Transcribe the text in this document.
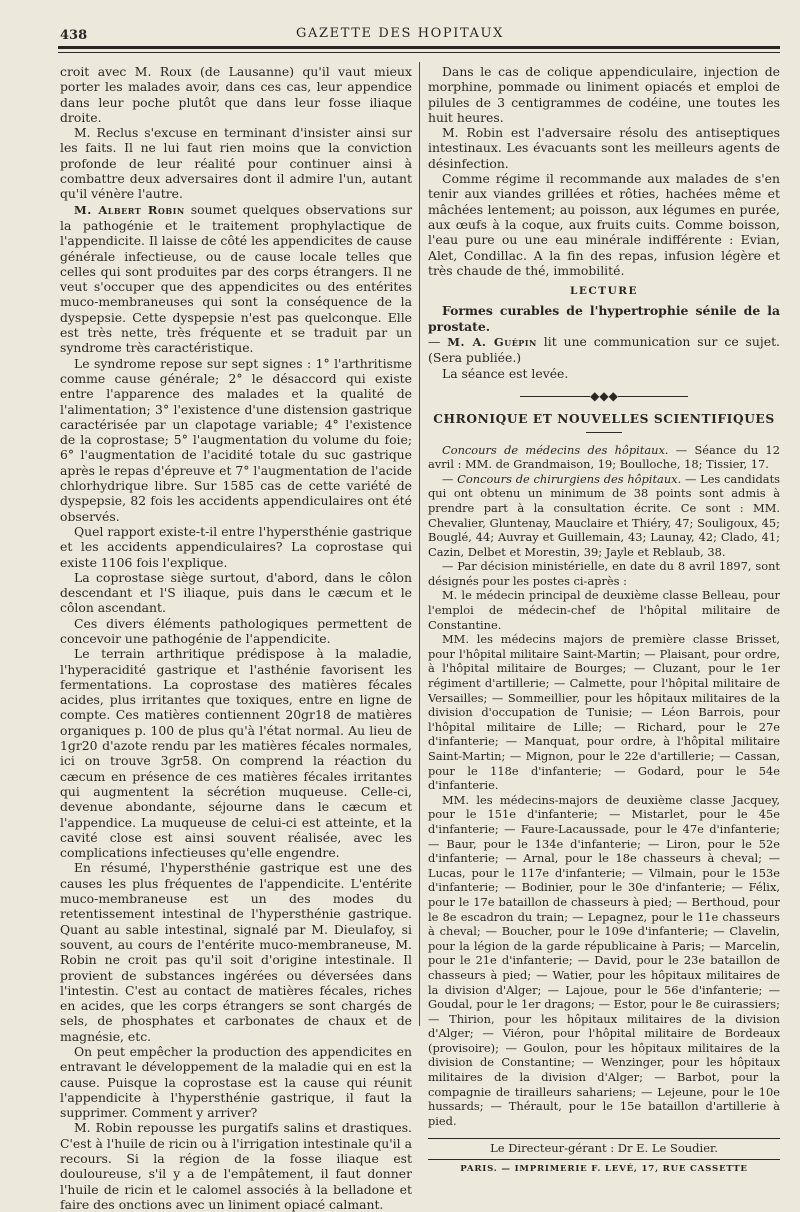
438	GAZETTE DES HOPITAUX

croit avec M. Roux (de Lausanne) qu'il vaut mieux porter les malades avoir, dans ces cas, leur appendice dans leur poche plutôt que dans leur fosse iliaque droite.

M. Reclus s'excuse en terminant d'insister ainsi sur les faits. Il ne lui faut rien moins que la conviction profonde de leur réalité pour continuer ainsi à combattre deux adversaires dont il admire l'un, autant qu'il vénère l'autre.

M. Albert Robin soumet quelques observations sur la pathogénie et le traitement prophylactique de l'appendicite. Il laisse de côté les appendicites de cause générale infectieuse, ou de cause locale telles que celles qui sont produites par des corps étrangers. Il ne veut s'occuper que des appendicites ou des entérites muco-membraneuses qui sont la conséquence de la dyspepsie. Cette dyspepsie n'est pas quelconque. Elle est très nette, très fréquente et se traduit par un syndrome très caractéristique.

Le syndrome repose sur sept signes : 1° l'arthritisme comme cause générale; 2° le désaccord qui existe entre l'apparence des malades et la qualité de l'alimentation; 3° l'existence d'une distension gastrique caractérisée par un clapotage variable; 4° l'existence de la coprostase; 5° l'augmentation du volume du foie; 6° l'augmentation de l'acidité totale du suc gastrique après le repas d'épreuve et 7° l'augmentation de l'acide chlorhydrique libre. Sur 1585 cas de cette variété de dyspepsie, 82 fois les accidents appendiculaires ont été observés.

Quel rapport existe-t-il entre l'hypersthénie gastrique et les accidents appendiculaires? La coprostase qui existe 1106 fois l'explique.

La coprostase siège surtout, d'abord, dans le côlon descendant et l'S iliaque, puis dans le cæcum et le côlon ascendant.

Ces divers éléments pathologiques permettent de concevoir une pathogénie de l'appendicite.

Le terrain arthritique prédispose à la maladie, l'hyperacidité gastrique et l'asthénie favorisent les fermentations. La coprostase des matières fécales acides, plus irritantes que toxiques, entre en ligne de compte. Ces matières contiennent 20gr18 de matières organiques p. 100 de plus qu'à l'état normal. Au lieu de 1gr20 d'azote rendu par les matières fécales normales, ici on trouve 3gr58. On comprend la réaction du cæcum en présence de ces matières fécales irritantes qui augmentent la sécrétion muqueuse. Celle-ci, devenue abondante, séjourne dans le cæcum et l'appendice. La muqueuse de celui-ci est atteinte, et la cavité close est ainsi souvent réalisée, avec les complications infectieuses qu'elle engendre.

En résumé, l'hypersthénie gastrique est une des causes les plus fréquentes de l'appendicite. L'entérite muco-membraneuse est un des modes du retentissement intestinal de l'hypersthénie gastrique. Quant au sable intestinal, signalé par M. Dieulafoy, si souvent, au cours de l'entérite muco-membraneuse, M. Robin ne croit pas qu'il soit d'origine intestinale. Il provient de substances ingérées ou déversées dans l'intestin. C'est au contact de matières fécales, riches en acides, que les corps étrangers se sont chargés de sels, de phosphates et carbonates de chaux et de magnésie, etc.

On peut empêcher la production des appendicites en entravant le développement de la maladie qui en est la cause. Puisque la coprostase est la cause qui réunit l'appendicite à l'hypersthénie gastrique, il faut la supprimer. Comment y arriver?

M. Robin repousse les purgatifs salins et drastiques. C'est à l'huile de ricin ou à l'irrigation intestinale qu'il a recours. Si la région de la fosse iliaque est douloureuse, s'il y a de l'empâtement, il faut donner l'huile de ricin et le calomel associés à la belladone et faire des onctions avec un liniment opiacé calmant.

Dans le cas de colique appendiculaire, injection de morphine, pommade ou liniment opiacés et emploi de pilules de 3 centigrammes de codéine, une toutes les huit heures.

M. Robin est l'adversaire résolu des antiseptiques intestinaux. Les évacuants sont les meilleurs agents de désinfection.

Comme régime il recommande aux malades de s'en tenir aux viandes grillées et rôties, hachées même et mâchées lentement; au poisson, aux légumes en purée, aux œufs à la coque, aux fruits cuits. Comme boisson, l'eau pure ou une eau minérale indifférente : Evian, Alet, Condillac. A la fin des repas, infusion légère et très chaude de thé, immobilité.

LECTURE

Formes curables de l'hypertrophie sénile de la prostate.

— M. A. Guépin lit une communication sur ce sujet. (Sera publiée.)

La séance est levée.

◆◆◆
CHRONIQUE ET NOUVELLES SCIENTIFIQUES

Concours de médecins des hôpitaux. — Séance du 12 avril : MM. de Grandmaison, 19; Boulloche, 18; Tissier, 17.

— Concours de chirurgiens des hôpitaux. — Les candidats qui ont obtenu un minimum de 38 points sont admis à prendre part à la consultation écrite. Ce sont : MM. Chevalier, Gluntenay, Mauclaire et Thiéry, 47; Souligoux, 45; Bouglé, 44; Auvray et Guillemain, 43; Launay, 42; Clado, 41; Cazin, Delbet et Morestin, 39; Jayle et Reblaub, 38.

— Par décision ministérielle, en date du 8 avril 1897, sont désignés pour les postes ci-après :

M. le médecin principal de deuxième classe Belleau, pour l'emploi de médecin-chef de l'hôpital militaire de Constantine.

MM. les médecins majors de première classe Brisset, pour l'hôpital militaire Saint-Martin; — Plaisant, pour ordre, à l'hôpital militaire de Bourges; — Cluzant, pour le 1er régiment d'artillerie; — Calmette, pour l'hôpital militaire de Versailles; — Sommeillier, pour les hôpitaux militaires de la division d'occupation de Tunisie; — Léon Barrois, pour l'hôpital militaire de Lille; — Richard, pour le 27e d'infanterie; — Manquat, pour ordre, à l'hôpital militaire Saint-Martin; — Mignon, pour le 22e d'artillerie; — Cassan, pour le 118e d'infanterie; — Godard, pour le 54e d'infanterie.

MM. les médecins-majors de deuxième classe Jacquey, pour le 151e d'infanterie; — Mistarlet, pour le 45e d'infanterie; — Faure-Lacaussade, pour le 47e d'infanterie; — Baur, pour le 134e d'infanterie; — Liron, pour le 52e d'infanterie; — Arnal, pour le 18e chasseurs à cheval; — Lucas, pour le 117e d'infanterie; — Vilmain, pour le 153e d'infanterie; — Bodinier, pour le 30e d'infanterie; — Félix, pour le 17e bataillon de chasseurs à pied; — Berthoud, pour le 8e escadron du train; — Lepagnez, pour le 11e chasseurs à cheval; — Boucher, pour le 109e d'infanterie; — Clavelin, pour la légion de la garde républicaine à Paris; — Marcelin, pour le 21e d'infanterie; — David, pour le 23e bataillon de chasseurs à pied; — Watier, pour les hôpitaux militaires de la division d'Alger; — Lajoue, pour le 56e d'infanterie; — Goudal, pour le 1er dragons; — Estor, pour le 8e cuirassiers; — Thirion, pour les hôpitaux militaires de la division d'Alger; — Viéron, pour l'hôpital militaire de Bordeaux (provisoire); — Goulon, pour les hôpitaux militaires de la division de Constantine; — Wenzinger, pour les hôpitaux militaires de la division d'Alger; — Barbot, pour la compagnie de tirailleurs sahariens; — Lejeune, pour le 10e hussards; — Thérault, pour le 15e bataillon d'artillerie à pied.

Le Directeur-gérant : Dr E. Le Soudier.
PARIS. — IMPRIMERIE F. LEVÉ, 17, RUE CASSETTE
